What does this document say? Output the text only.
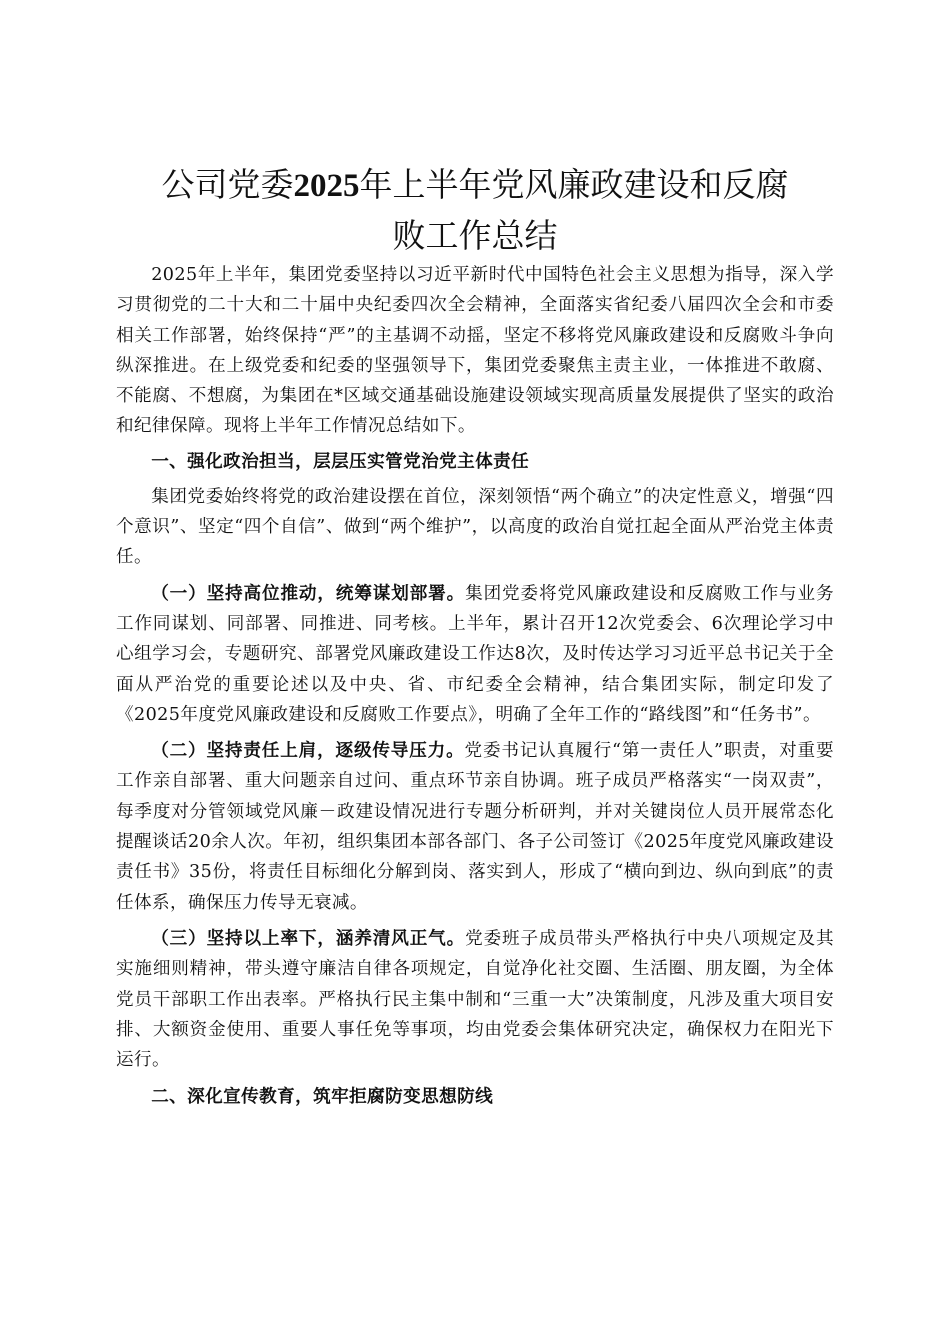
公司党委2025年上半年党风廉政建设和反腐
败工作总结

2025年上半年，集团党委坚持以习近平新时代中国特色社会主义思想为指导，深入学习贯彻党的二十大和二十届中央纪委四次全会精神，全面落实省纪委八届四次全会和市委相关工作部署，始终保持“严”的主基调不动摇，坚定不移将党风廉政建设和反腐败斗争向纵深推进。在上级党委和纪委的坚强领导下，集团党委聚焦主责主业，一体推进不敢腐、不能腐、不想腐，为集团在*区域交通基础设施建设领域实现高质量发展提供了坚实的政治和纪律保障。现将上半年工作情况总结如下。

一、强化政治担当，层层压实管党治党主体责任

集团党委始终将党的政治建设摆在首位，深刻领悟“两个确立”的决定性意义，增强“四个意识”、坚定“四个自信”、做到“两个维护”，以高度的政治自觉扛起全面从严治党主体责任。

（一）坚持高位推动，统筹谋划部署。集团党委将党风廉政建设和反腐败工作与业务工作同谋划、同部署、同推进、同考核。上半年，累计召开12次党委会、6次理论学习中心组学习会，专题研究、部署党风廉政建设工作达8次，及时传达学习习近平总书记关于全面从严治党的重要论述以及中央、省、市纪委全会精神，结合集团实际，制定印发了《2025年度党风廉政建设和反腐败工作要点》，明确了全年工作的“路线图”和“任务书”。

（二）坚持责任上肩，逐级传导压力。党委书记认真履行“第一责任人”职责，对重要工作亲自部署、重大问题亲自过问、重点环节亲自协调。班子成员严格落实“一岗双责”，每季度对分管领域党风廉－政建设情况进行专题分析研判，并对关键岗位人员开展常态化提醒谈话20余人次。年初，组织集团本部各部门、各子公司签订《2025年度党风廉政建设责任书》35份，将责任目标细化分解到岗、落实到人，形成了“横向到边、纵向到底”的责任体系，确保压力传导无衰减。

（三）坚持以上率下，涵养清风正气。党委班子成员带头严格执行中央八项规定及其实施细则精神，带头遵守廉洁自律各项规定，自觉净化社交圈、生活圈、朋友圈，为全体党员干部职工作出表率。严格执行民主集中制和“三重一大”决策制度，凡涉及重大项目安排、大额资金使用、重要人事任免等事项，均由党委会集体研究决定，确保权力在阳光下运行。

二、深化宣传教育，筑牢拒腐防变思想防线
